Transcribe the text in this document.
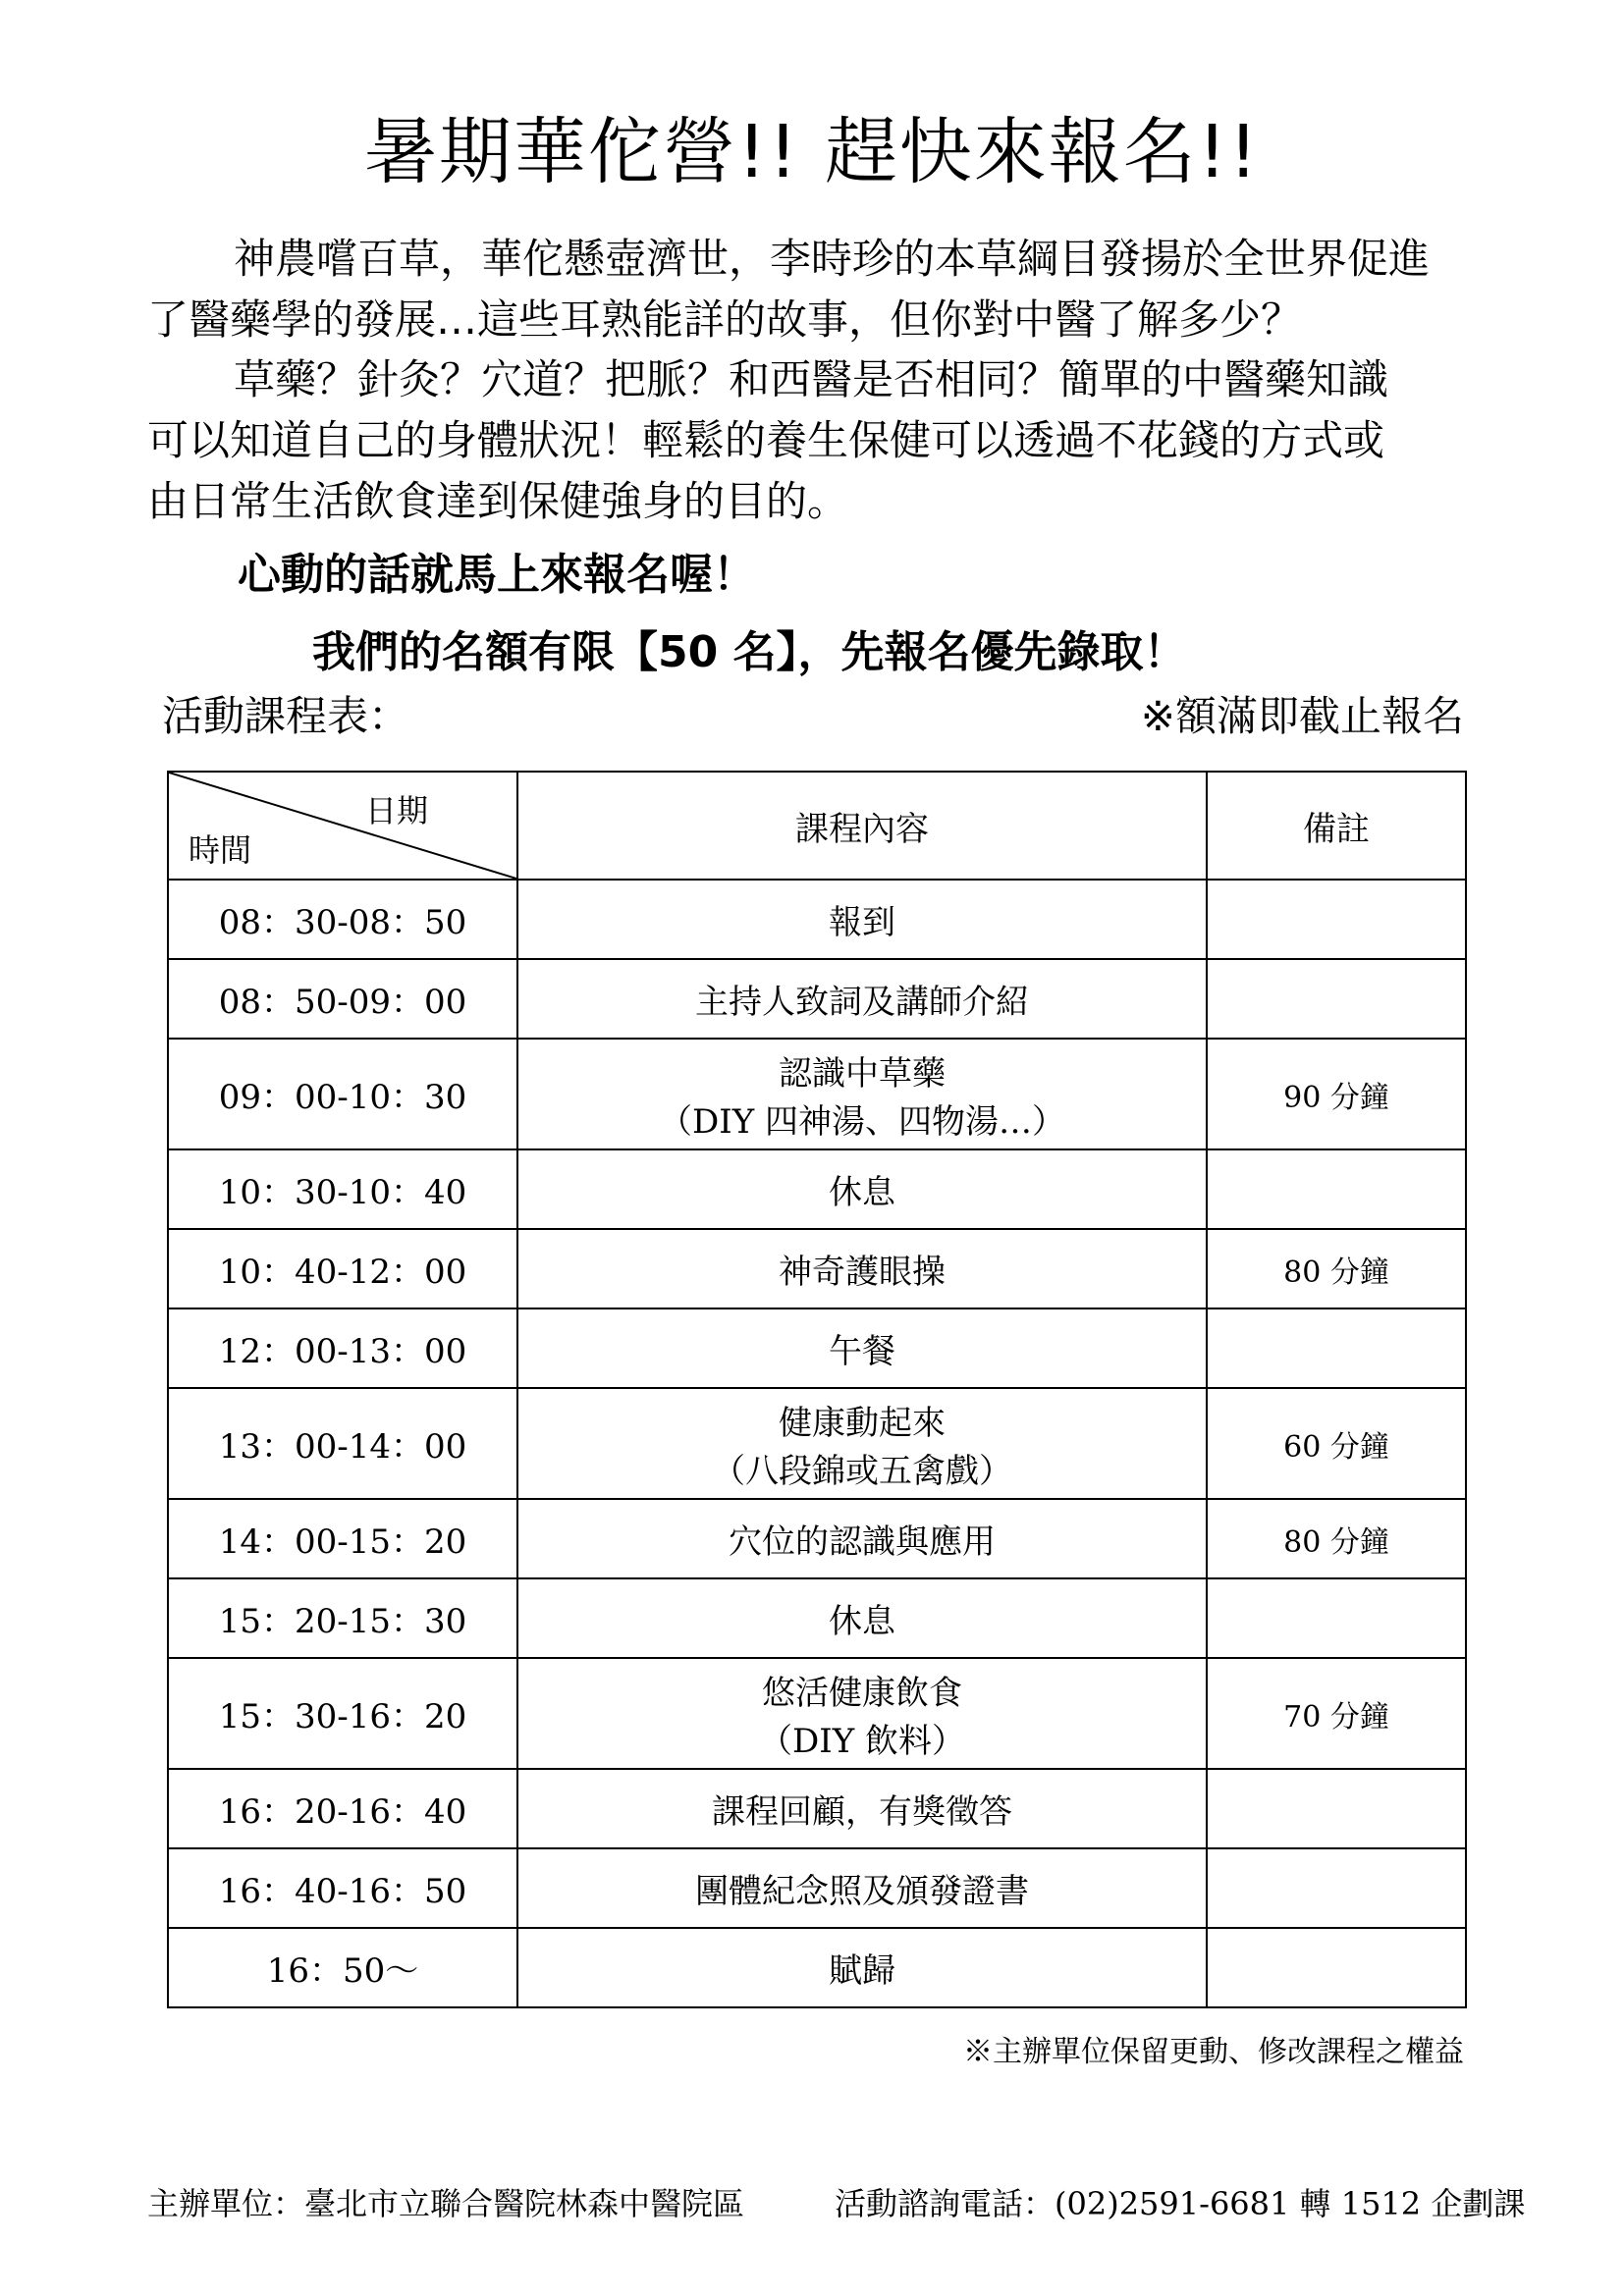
暑期華佗營!! 趕快來報名!!
神農嚐百草，華佗懸壺濟世，李時珍的本草綱目發揚於全世界促進
了醫藥學的發展…這些耳熟能詳的故事，但你對中醫了解多少？
草藥？針灸？穴道？把脈？和西醫是否相同？簡單的中醫藥知識
可以知道自己的身體狀況！輕鬆的養生保健可以透過不花錢的方式或
由日常生活飲食達到保健強身的目的。
心動的話就馬上來報名喔！
我們的名額有限【50 名】，先報名優先錄取！
活動課程表：	※額滿即截止報名
日期
時間	課程內容	備註
08：30-08：50	報到	

08：50-09：00	主持人致詞及講師介紹	

09：00-10：30	認識中草藥
（DIY 四神湯、四物湯…）	90 分鐘
10：30-10：40	休息	

10：40-12：00	神奇護眼操	80 分鐘
12：00-13：00	午餐	

13：00-14：00	健康動起來
（八段錦或五禽戲）	60 分鐘
14：00-15：20	穴位的認識與應用	80 分鐘
15：20-15：30	休息	

15：30-16：20	悠活健康飲食
（DIY 飲料）	70 分鐘
16：20-16：40	課程回顧，有獎徵答	

16：40-16：50	團體紀念照及頒發證書	

16：50～	賦歸	

※主辦單位保留更動、修改課程之權益
主辦單位：臺北市立聯合醫院林森中醫院區	活動諮詢電話：(02)2591-6681 轉 1512 企劃課
